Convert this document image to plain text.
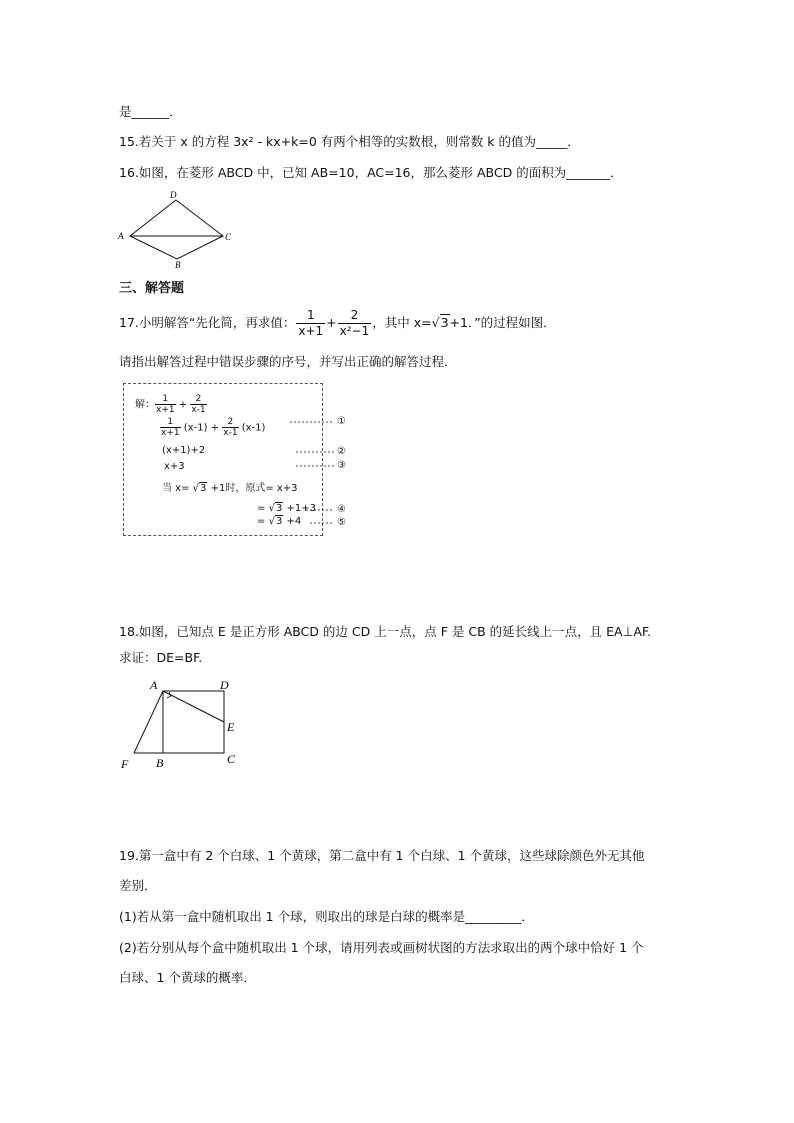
是______．
15.若关于 x 的方程 3x² - kx+k=0 有两个相等的实数根，则常数 k 的值为_____．
16.如图，在菱形 ABCD 中，已知 AB=10，AC=16，那么菱形 ABCD 的面积为_______．
D
A	C
B
三、解答题
17.小明解答“先化简，再求值： $\frac{1}{x+1} + \frac{2}{\text{x²−1}}$ ，其中 x=√3+1．”的过程如图．
请指出解答过程中错误步骤的序号，并写出正确的解答过程．
解： $\frac{1}{x+1} + \frac{2}{x-1}$
$\frac{1}{x+1} (x-1) + \frac{2}{x-1} (x-1)$
(x+1)+2
x+3
当 x= √3 +1时，原式= x+3
= √3 +1+3
= √3 +4
①
②
③
④
⑤
18.如图，已知点 E 是正方形 ABCD 的边 CD 上一点，点 F 是 CB 的延长线上一点，且 EA⊥AF.
求证：DE=BF.
A	D
E
C
B
F
19.第一盒中有 2 个白球、1 个黄球，第二盒中有 1 个白球、1 个黄球，这些球除颜色外无其他
差别．
(1)若从第一盒中随机取出 1 个球，则取出的球是白球的概率是_________．
(2)若分别从每个盒中随机取出 1 个球，请用列表或画树状图的方法求取出的两个球中恰好 1 个
白球、1 个黄球的概率．
